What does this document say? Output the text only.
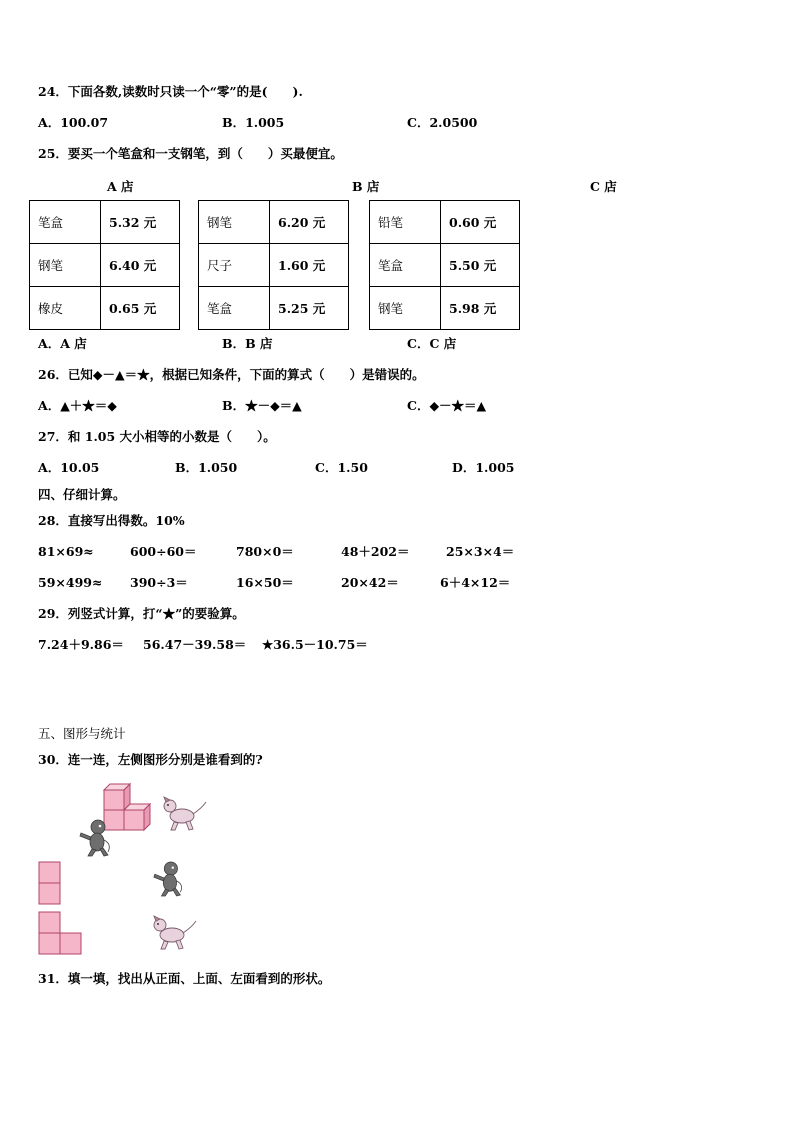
24．下面各数,读数时只读一个“零”的是(　　).
A．100.07	B．1.005	C．2.0500
25．要买一个笔盒和一支钢笔，到（　　）买最便宜。
A 店	B 店	C 店
笔盒	5.32 元
钢笔	6.40 元
橡皮	0.65 元
钢笔	6.20 元
尺子	1.60 元
笔盒	5.25 元
铅笔	0.60 元
笔盒	5.50 元
钢笔	5.98 元
A．A 店	B．B 店	C．C 店
26．已知◆－▲＝★，根据已知条件，下面的算式（　　）是错误的。
A．▲＋★＝◆	B．★－◆＝▲	C．◆－★＝▲
27．和 1.05 大小相等的小数是（　　）。
A．10.05	B．1.050	C．1.50	D．1.005
四、仔细计算。
28．直接写出得数。10%
81×69≈	600÷60＝	780×0＝	48＋202＝	25×3×4＝
59×499≈ 390÷3＝	16×50＝	20×42＝	6＋4×12＝
29．列竖式计算，打“★”的要验算。
7.24＋9.86＝ 56.47－39.58＝ ★36.5－10.75＝
五、图形与统计
30．连一连，左侧图形分别是谁看到的?
31．填一填，找出从正面、上面、左面看到的形状。
